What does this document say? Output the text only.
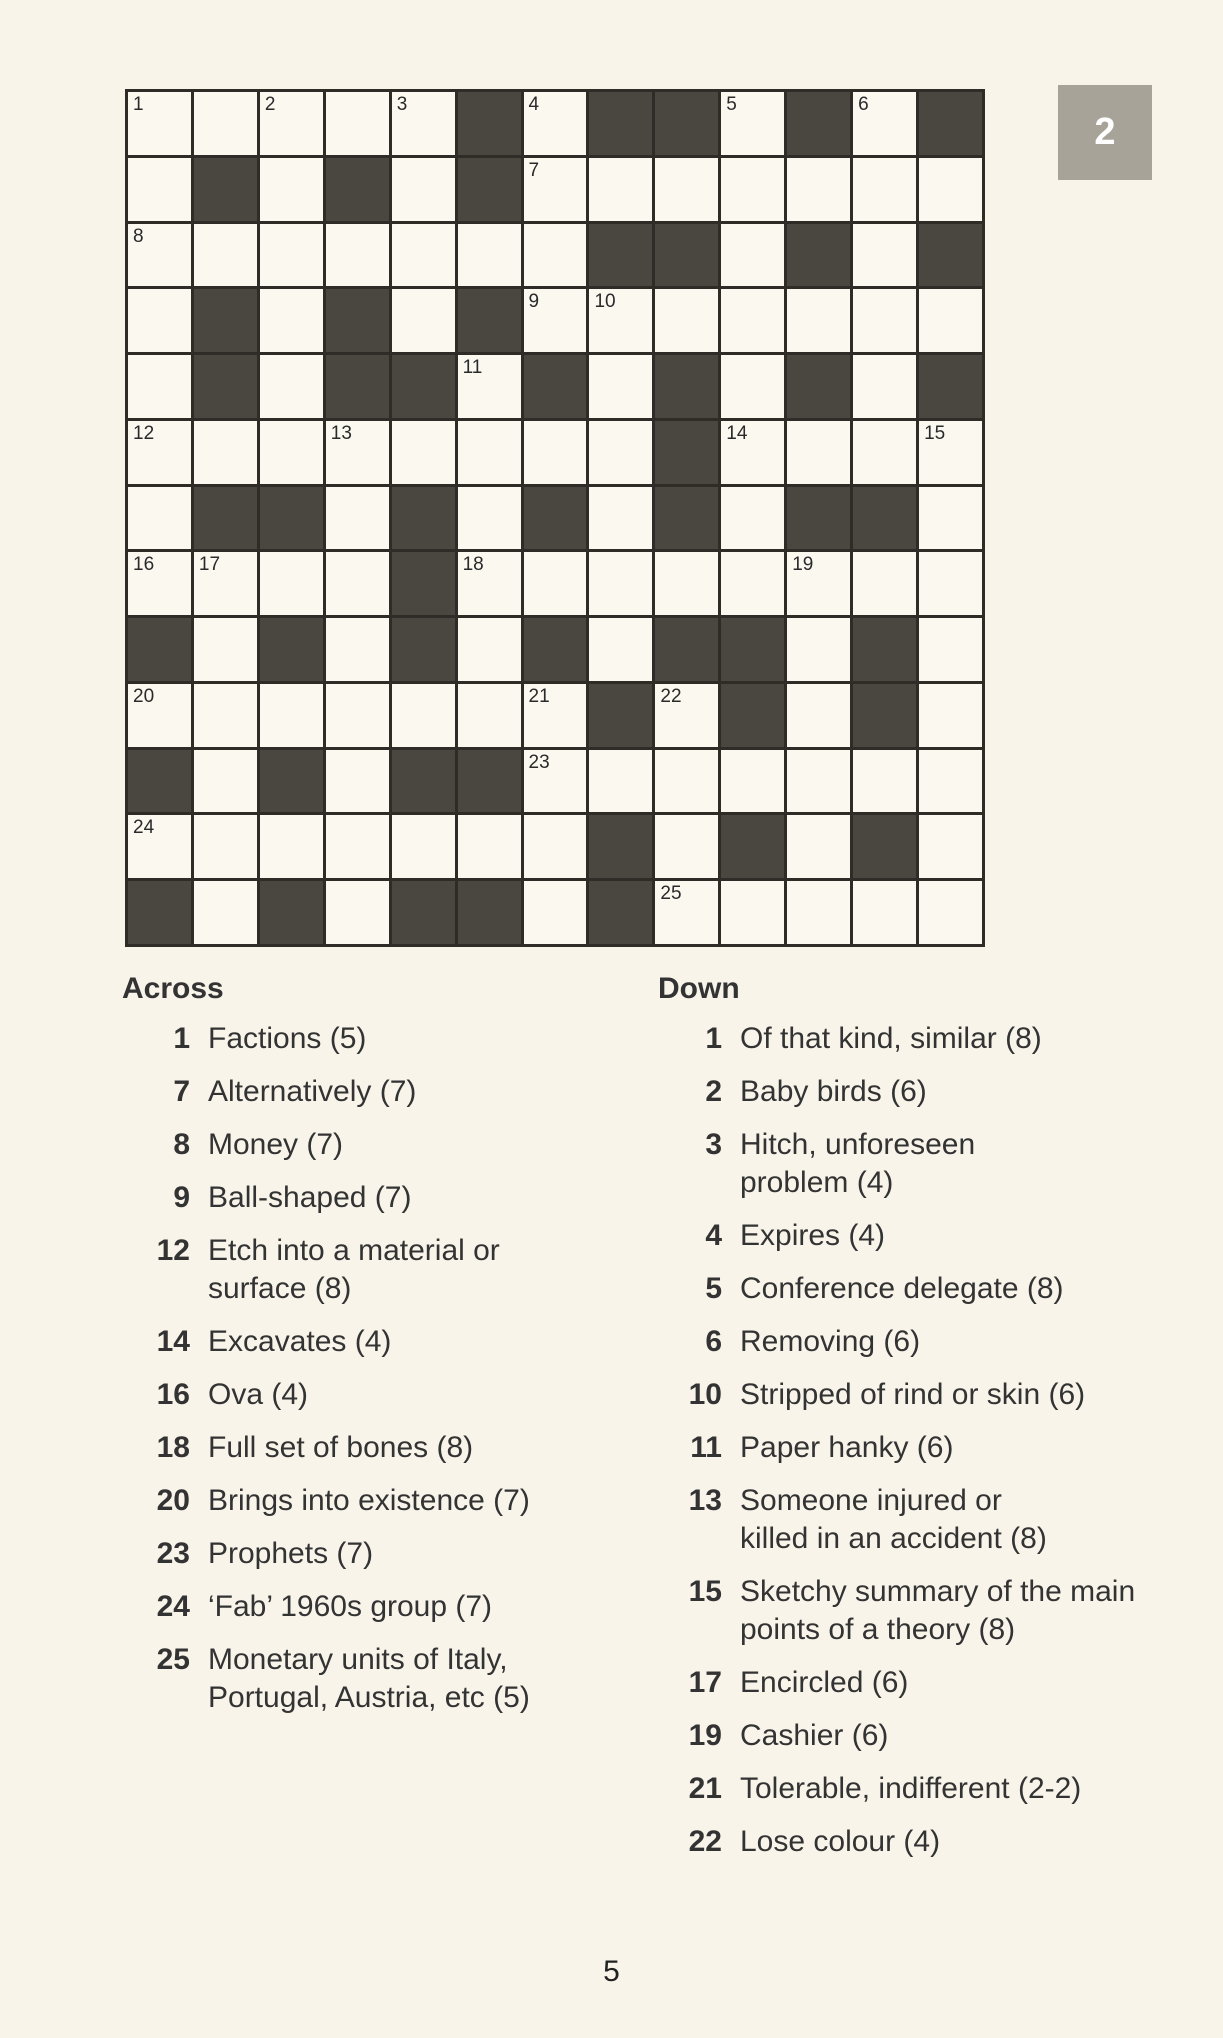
2
1	2	3	4	5	6
7
8
9	10
11
12	13	14	15
16 17	18	19
20	21	22
23
24
25
Across
1 Factions (5)
7 Alternatively (7)
8 Money (7)
9 Ball-shaped (7)
12 Etch into a material or surface (8)
14 Excavates (4)
16 Ova (4)
18 Full set of bones (8)
20 Brings into existence (7)
23 Prophets (7)
24 ‘Fab’ 1960s group (7)
25 Monetary units of Italy, Portugal, Austria, etc (5)
Down
1 Of that kind, similar (8)
2 Baby birds (6)
3 Hitch, unforeseen problem (4)
4 Expires (4)
5 Conference delegate (8)
6 Removing (6)
10 Stripped of rind or skin (6)
11 Paper hanky (6)
13 Someone injured or killed in an accident (8)
15 Sketchy summary of the main points of a theory (8)
17 Encircled (6)
19 Cashier (6)
21 Tolerable, indifferent (2-2)
22 Lose colour (4)
5
